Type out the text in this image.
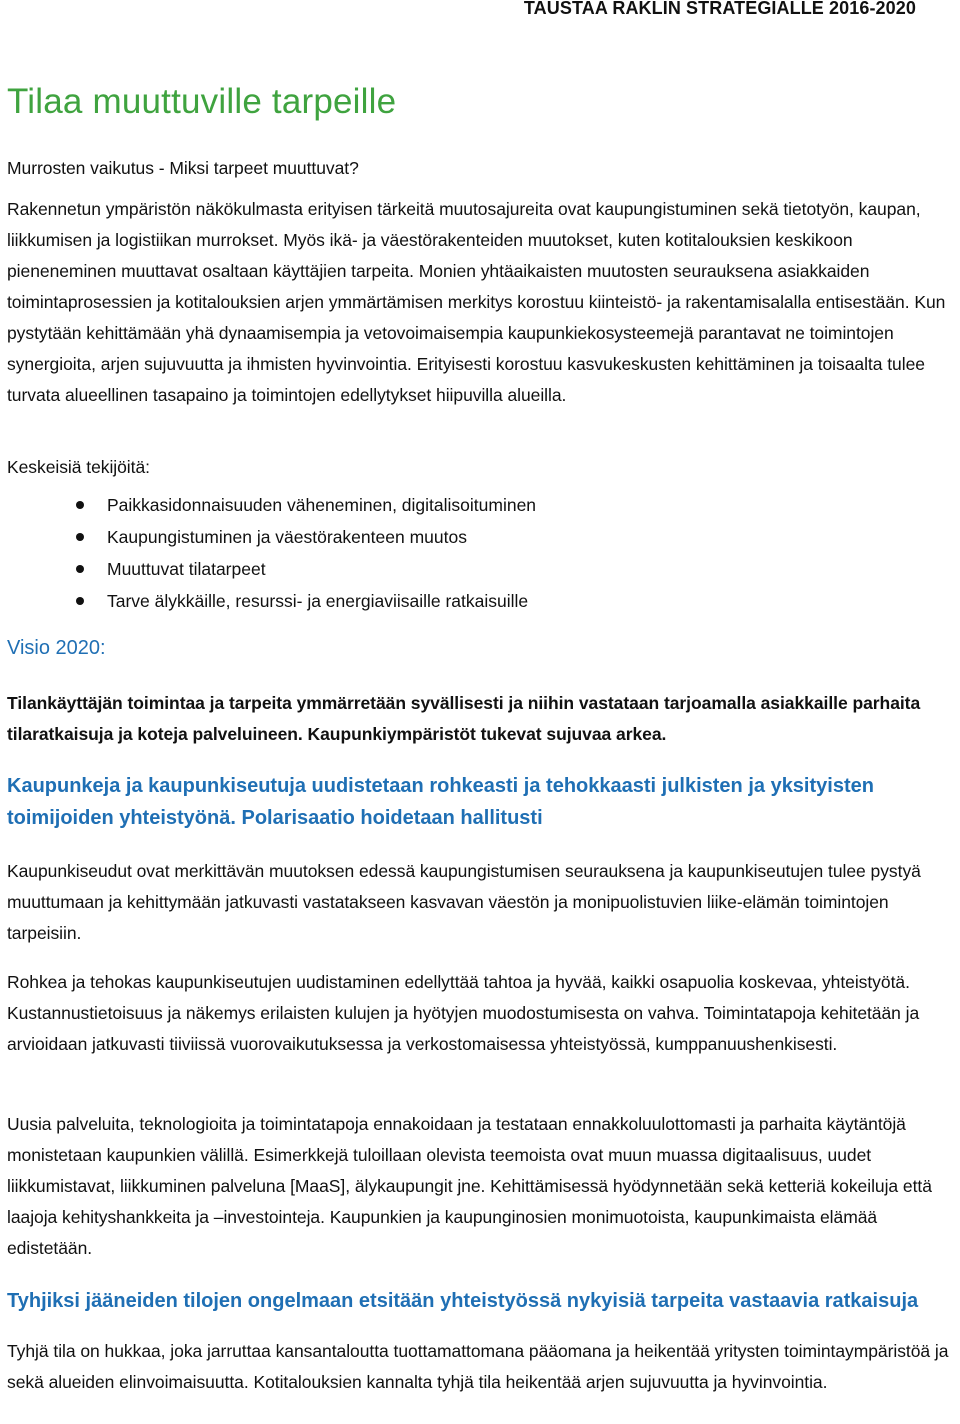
TAUSTAA RAKLIN STRATEGIALLE 2016-2020
Tilaa muuttuville tarpeille

Murrosten vaikutus - Miksi tarpeet muuttuvat?

Rakennetun ympäristön näkökulmasta erityisen tärkeitä muutosajureita ovat kaupungistuminen sekä tietotyön, kaupan, liikkumisen ja logistiikan murrokset. Myös ikä- ja väestörakenteiden muutokset, kuten kotitalouksien keskikoon pieneneminen muuttavat osaltaan käyttäjien tarpeita. Monien yhtäaikaisten muutosten seurauksena asiakkaiden toimintaprosessien ja kotitalouksien arjen ymmärtämisen merkitys korostuu kiinteistö- ja rakentamisalalla entisestään. Kun pystytään kehittämään yhä dynaamisempia ja vetovoimaisempia kaupunkiekosysteemejä parantavat ne toimintojen synergioita, arjen sujuvuutta ja ihmisten hyvinvointia. Erityisesti korostuu kasvukeskusten kehittäminen ja toisaalta tulee turvata alueellinen tasapaino ja toimintojen edellytykset hiipuvilla alueilla.

Keskeisiä tekijöitä:

Paikkasidonnaisuuden väheneminen, digitalisoituminen
Kaupungistuminen ja väestörakenteen muutos
Muuttuvat tilatarpeet
Tarve älykkäille, resurssi- ja energiaviisaille ratkaisuille

Visio 2020:

Tilankäyttäjän toimintaa ja tarpeita ymmärretään syvällisesti ja niihin vastataan tarjoamalla asiakkaille parhaita tilaratkaisuja ja koteja palveluineen. Kaupunkiympäristöt tukevat sujuvaa arkea.

Kaupunkeja ja kaupunkiseutuja uudistetaan rohkeasti ja tehokkaasti julkisten ja yksityisten toimijoiden yhteistyönä. Polarisaatio hoidetaan hallitusti

Kaupunkiseudut ovat merkittävän muutoksen edessä kaupungistumisen seurauksena ja kaupunkiseutujen tulee pystyä muuttumaan ja kehittymään jatkuvasti vastatakseen kasvavan väestön ja monipuolistuvien liike-elämän toimintojen tarpeisiin.

Rohkea ja tehokas kaupunkiseutujen uudistaminen edellyttää tahtoa ja hyvää, kaikki osapuolia koskevaa, yhteistyötä. Kustannustietoisuus ja näkemys erilaisten kulujen ja hyötyjen muodostumisesta on vahva. Toimintatapoja kehitetään ja arvioidaan jatkuvasti tiiviissä vuorovaikutuksessa ja verkostomaisessa yhteistyössä, kumppanuushenkisesti.

Uusia palveluita, teknologioita ja toimintatapoja ennakoidaan ja testataan ennakkoluulottomasti ja parhaita käytäntöjä monistetaan kaupunkien välillä. Esimerkkejä tuloillaan olevista teemoista ovat muun muassa digitaalisuus, uudet liikkumistavat, liikkuminen palveluna [MaaS], älykaupungit jne. Kehittämisessä hyödynnetään sekä ketteriä kokeiluja että laajoja kehityshankkeita ja –investointeja. Kaupunkien ja kaupunginosien monimuotoista, kaupunkimaista elämää edistetään.

Tyhjiksi jääneiden tilojen ongelmaan etsitään yhteistyössä nykyisiä tarpeita vastaavia ratkaisuja

Tyhjä tila on hukkaa, joka jarruttaa kansantaloutta tuottamattomana pääomana ja heikentää yritysten toimintaympäristöä ja sekä alueiden elinvoimaisuutta. Kotitalouksien kannalta tyhjä tila heikentää arjen sujuvuutta ja hyvinvointia.
